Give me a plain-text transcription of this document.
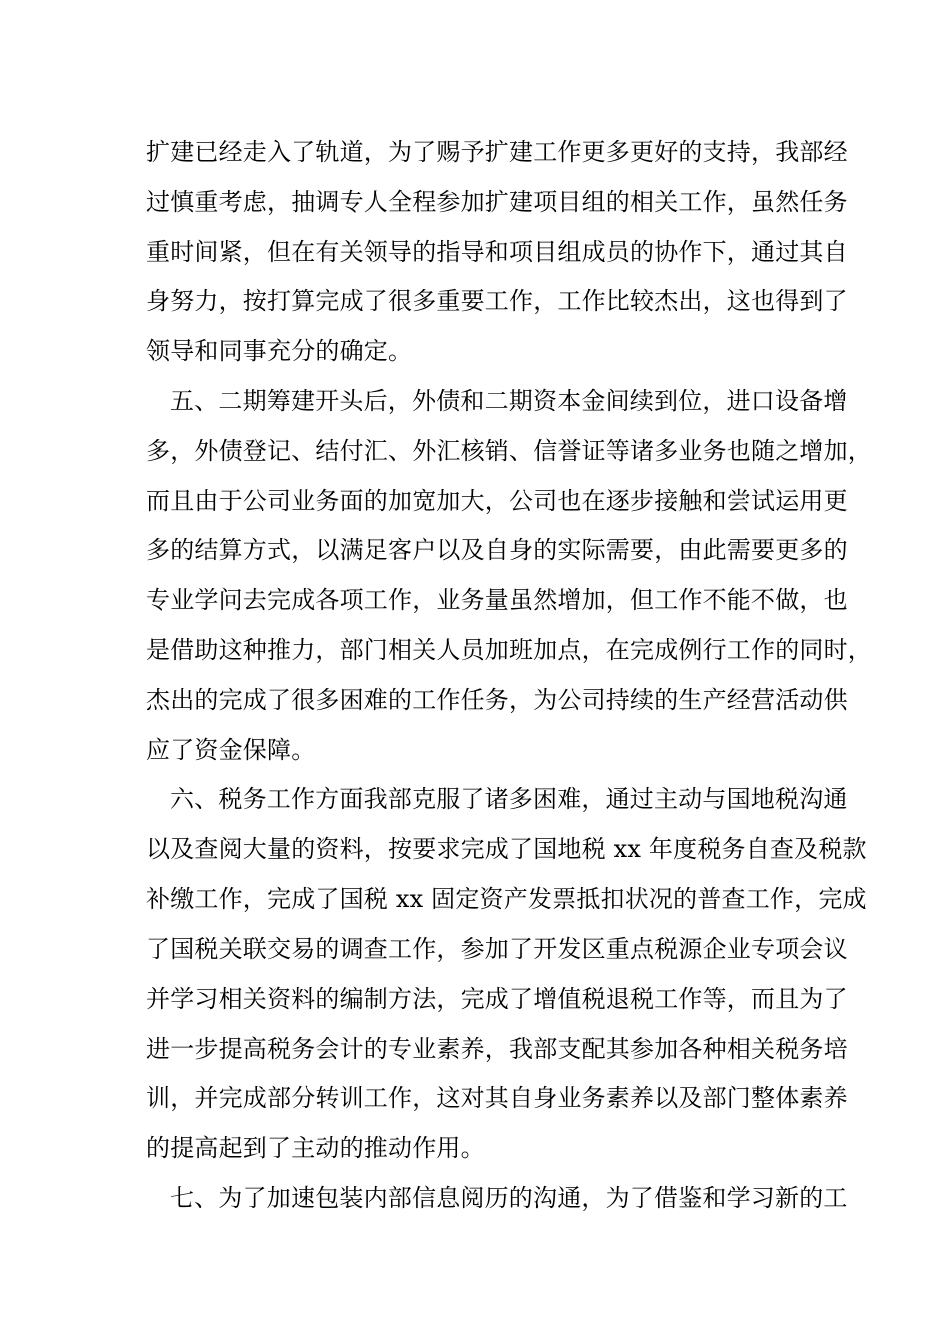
扩建已经走入了轨道，为了赐予扩建工作更多更好的支持，我部经
过慎重考虑，抽调专人全程参加扩建项目组的相关工作，虽然任务
重时间紧，但在有关领导的指导和项目组成员的协作下，通过其自
身努力，按打算完成了很多重要工作，工作比较杰出，这也得到了
领导和同事充分的确定。
五、二期筹建开头后，外债和二期资本金间续到位，进口设备增
多，外债登记、结付汇、外汇核销、信誉证等诸多业务也随之增加，
而且由于公司业务面的加宽加大，公司也在逐步接触和尝试运用更
多的结算方式，以满足客户以及自身的实际需要，由此需要更多的
专业学问去完成各项工作，业务量虽然增加，但工作不能不做，也
是借助这种推力，部门相关人员加班加点，在完成例行工作的同时，
杰出的完成了很多困难的工作任务，为公司持续的生产经营活动供
应了资金保障。
六、税务工作方面我部克服了诸多困难，通过主动与国地税沟通
以及查阅大量的资料，按要求完成了国地税 xx 年度税务自查及税款
补缴工作，完成了国税 xx 固定资产发票抵扣状况的普查工作，完成
了国税关联交易的调查工作，参加了开发区重点税源企业专项会议
并学习相关资料的编制方法，完成了增值税退税工作等，而且为了
进一步提高税务会计的专业素养，我部支配其参加各种相关税务培
训，并完成部分转训工作，这对其自身业务素养以及部门整体素养
的提高起到了主动的推动作用。
七、为了加速包装内部信息阅历的沟通，为了借鉴和学习新的工
